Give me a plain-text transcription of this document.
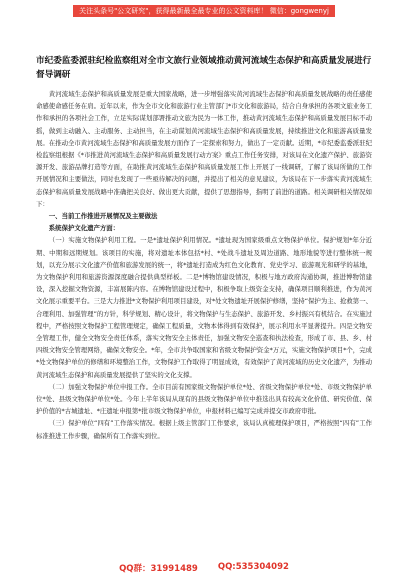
关注头条号"公文研究"，获得最新最全最专业的公文资料库！ 微信：gongwenyj
市纪委监委派驻纪检监察组对全市文旅行业领域推动黄河流域生态保护和高质量发展进行督导调研

黄河流域生态保护和高质量发展是重大国家战略，进一步增强落实黄河流域生态保护和高质量发展战略的责任感使命感使命感任务在肩。近年以来，作为全市文化和旅游行业主管部门*市文化和旅游局，结合自身承担的各项文旅业务工作和承担的各项社会工作，立足实际谋划部署推动文旅为民为一体工作，推动黄河流域生态保护和高质量发展目标不动摇，做到主动融入、主动服务、主动担当，在主动谋划黄河流域生态保护和高质量发展，持续推进文化和旅游高质量发展。在推动全市黄河流域生态保护和高质量发展方面作了一定探索和努力，做出了一定贡献。近期，*市纪委监委派驻纪检监察组根据《*市推进黄河流域生态保护和高质量发展行动方案》重点工作任务安排，对该局在文化遗产保护、旅游资源开发、旅游品牌打造等方面，在助推黄河流域生态保护和高质量发展工作上开展了一线调研，了解了该局所做的工作开展情况和主要做法，同时也发现了一些亟待解决的问题，并提出了相关的意见建议，为该局在下一步落实黄河流域生态保护和高质量发展战略中准确把关良好、做出更大贡献，提供了思想指导，指明了前进的道路。相关调研相关情况如下：

一、当前工作推进开展情况及主要做法

系统保护文化遗产方面：

（一）实施文物保护利用工程。一是*遗址保护利用情况。*遗址现为国家级重点文物保护单位。保护规划*年分近期、中期和远期规划。该项目的实施，将对遗址本体包括*村、*处战斗遗址及周边道路、地形地貌等进行整体统一规划，以充分展示文化遗产价值和旅游发展的统一，将*遗址打造成为红色文化教育、党史学习、旅游观光和研学的基地，为文物保护利用和旅游资源深度融合提供典型样板。二是*博物馆建设情况，积极与地方政府沟通协调，推进博物馆建设，深入挖掘文物资源，丰富展陈内容。在博物馆建设过程中，积极争取上级资金支持，确保项目顺利推进，作为黄河文化展示重要平台。三是大力推进*文物保护利用项目建设，对*处文物遗址开展保护修缮，坚持“保护为主、抢救第一、合理利用、加强管理”的方针，科学规划、精心设计，将文物保护与生态保护、旅游开发、乡村振兴有机结合。在实施过程中，严格按照文物保护工程管理规定，确保工程质量，文物本体得到有效保护，展示利用水平显著提升。四是文物安全管理工作，健全文物安全责任体系，落实文物安全主体责任，加强文物安全巡查和执法检查，形成了市、县、乡、村四级文物安全管理网络，确保文物安全。*年，全市共争取国家和省级文物保护资金*万元，实施文物保护项目*个，完成*处文物保护单位的修缮和环境整治工作，文物保护工作取得了明显成效，有效保护了黄河流域的历史文化遗产，为推动黄河流域生态保护和高质量发展提供了坚实的文化支撑。

（二）加强文物保护单位申报工作。全市目前有国家级文物保护单位*处、省级文物保护单位*处、市级文物保护单位*处、县级文物保护单位*处。今年上半年该局从现有的县级文物保护单位中推选出具有较高文化价值、研究价值、保护价值的*古城遗址、*庄遗址申报第*批市级文物保护单位，申报材料已编写完成并提交市政府审批。

（三）保护单位“四有”工作落实情况。根据上级主管部门工作要求，该局认真梳理保护项目，严格按照“四有”工作标准推进工作步骤，确保所有工作落实到位。

QQ群：31991489 QQ:535304092
